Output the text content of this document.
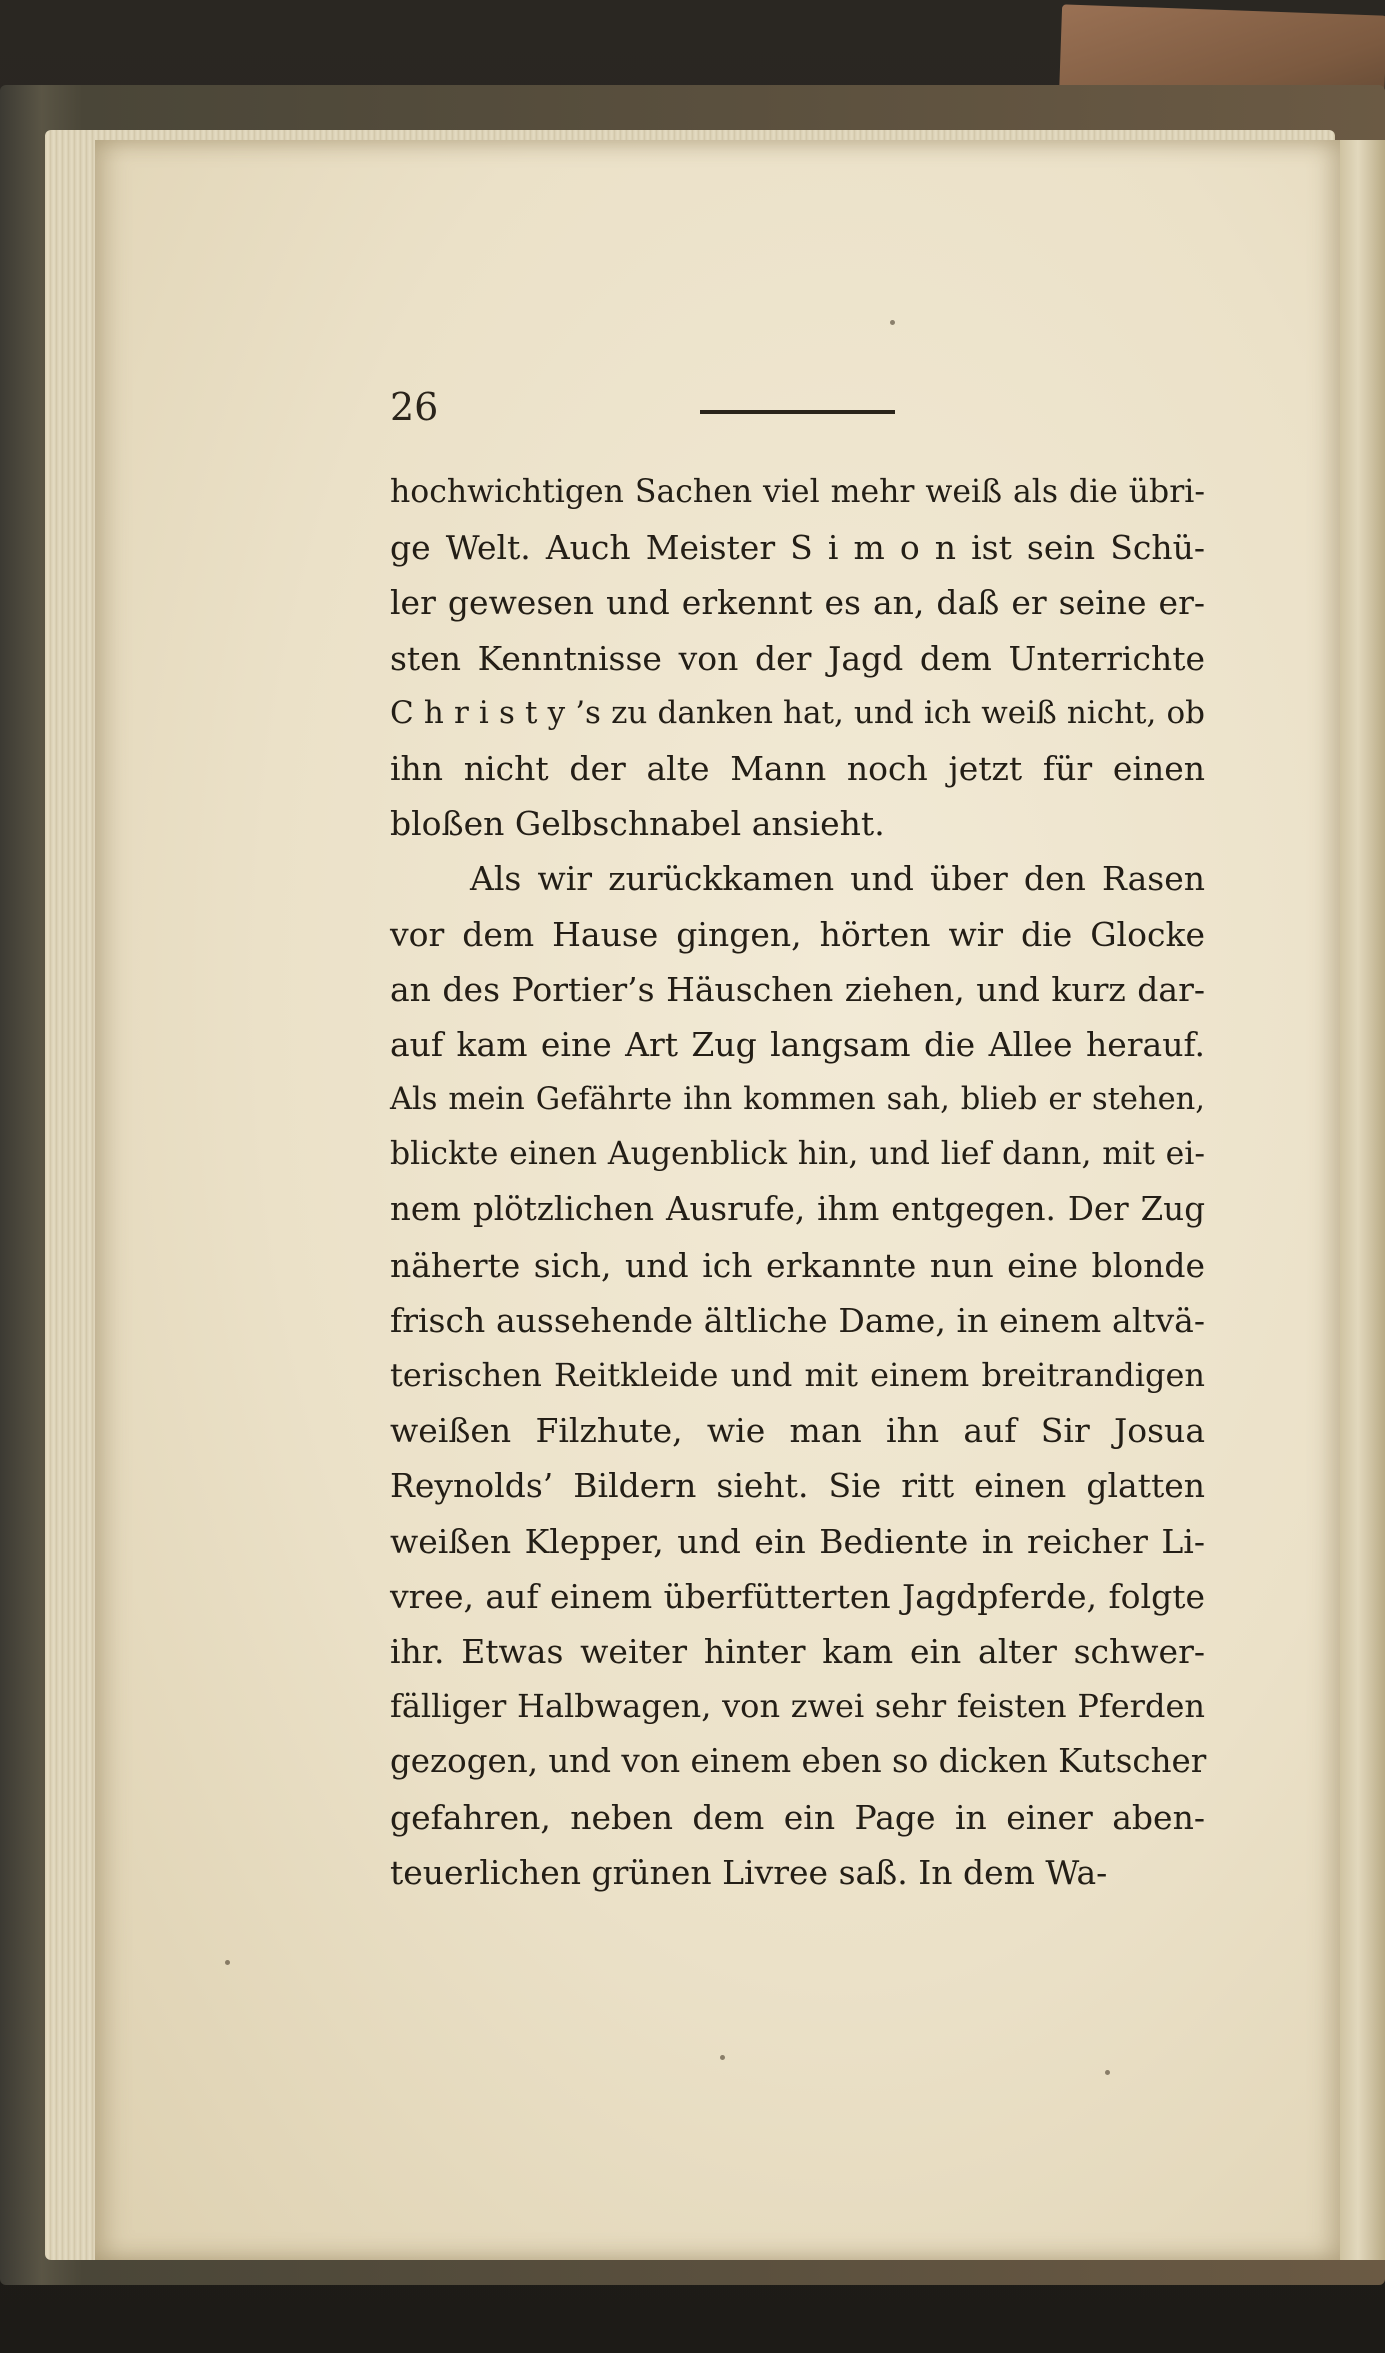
26
hochwichtigen Sachen viel mehr weiß als die übri-
ge Welt. Auch Meister S i m o n ist sein Schü-
ler gewesen und erkennt es an, daß er seine er-
sten Kenntnisse von der Jagd dem Unterrichte
C h r i s t y ’s zu danken hat, und ich weiß nicht, ob
ihn nicht der alte Mann noch jetzt für einen
bloßen Gelbschnabel ansieht.
Als wir zurückkamen und über den Rasen
vor dem Hause gingen, hörten wir die Glocke
an des Portier’s Häuschen ziehen, und kurz dar-
auf kam eine Art Zug langsam die Allee herauf.
Als mein Gefährte ihn kommen sah, blieb er stehen,
blickte einen Augenblick hin, und lief dann, mit ei-
nem plötzlichen Ausrufe, ihm entgegen. Der Zug
näherte sich, und ich erkannte nun eine blonde
frisch aussehende ältliche Dame, in einem altvä-
terischen Reitkleide und mit einem breitrandigen
weißen Filzhute, wie man ihn auf Sir Josua
Reynolds’ Bildern sieht. Sie ritt einen glatten
weißen Klepper, und ein Bediente in reicher Li-
vree, auf einem überfütterten Jagdpferde, folgte
ihr. Etwas weiter hinter kam ein alter schwer-
fälliger Halbwagen, von zwei sehr feisten Pferden
gezogen, und von einem eben so dicken Kutscher
gefahren, neben dem ein Page in einer aben-
teuerlichen grünen Livree saß. In dem Wa-
